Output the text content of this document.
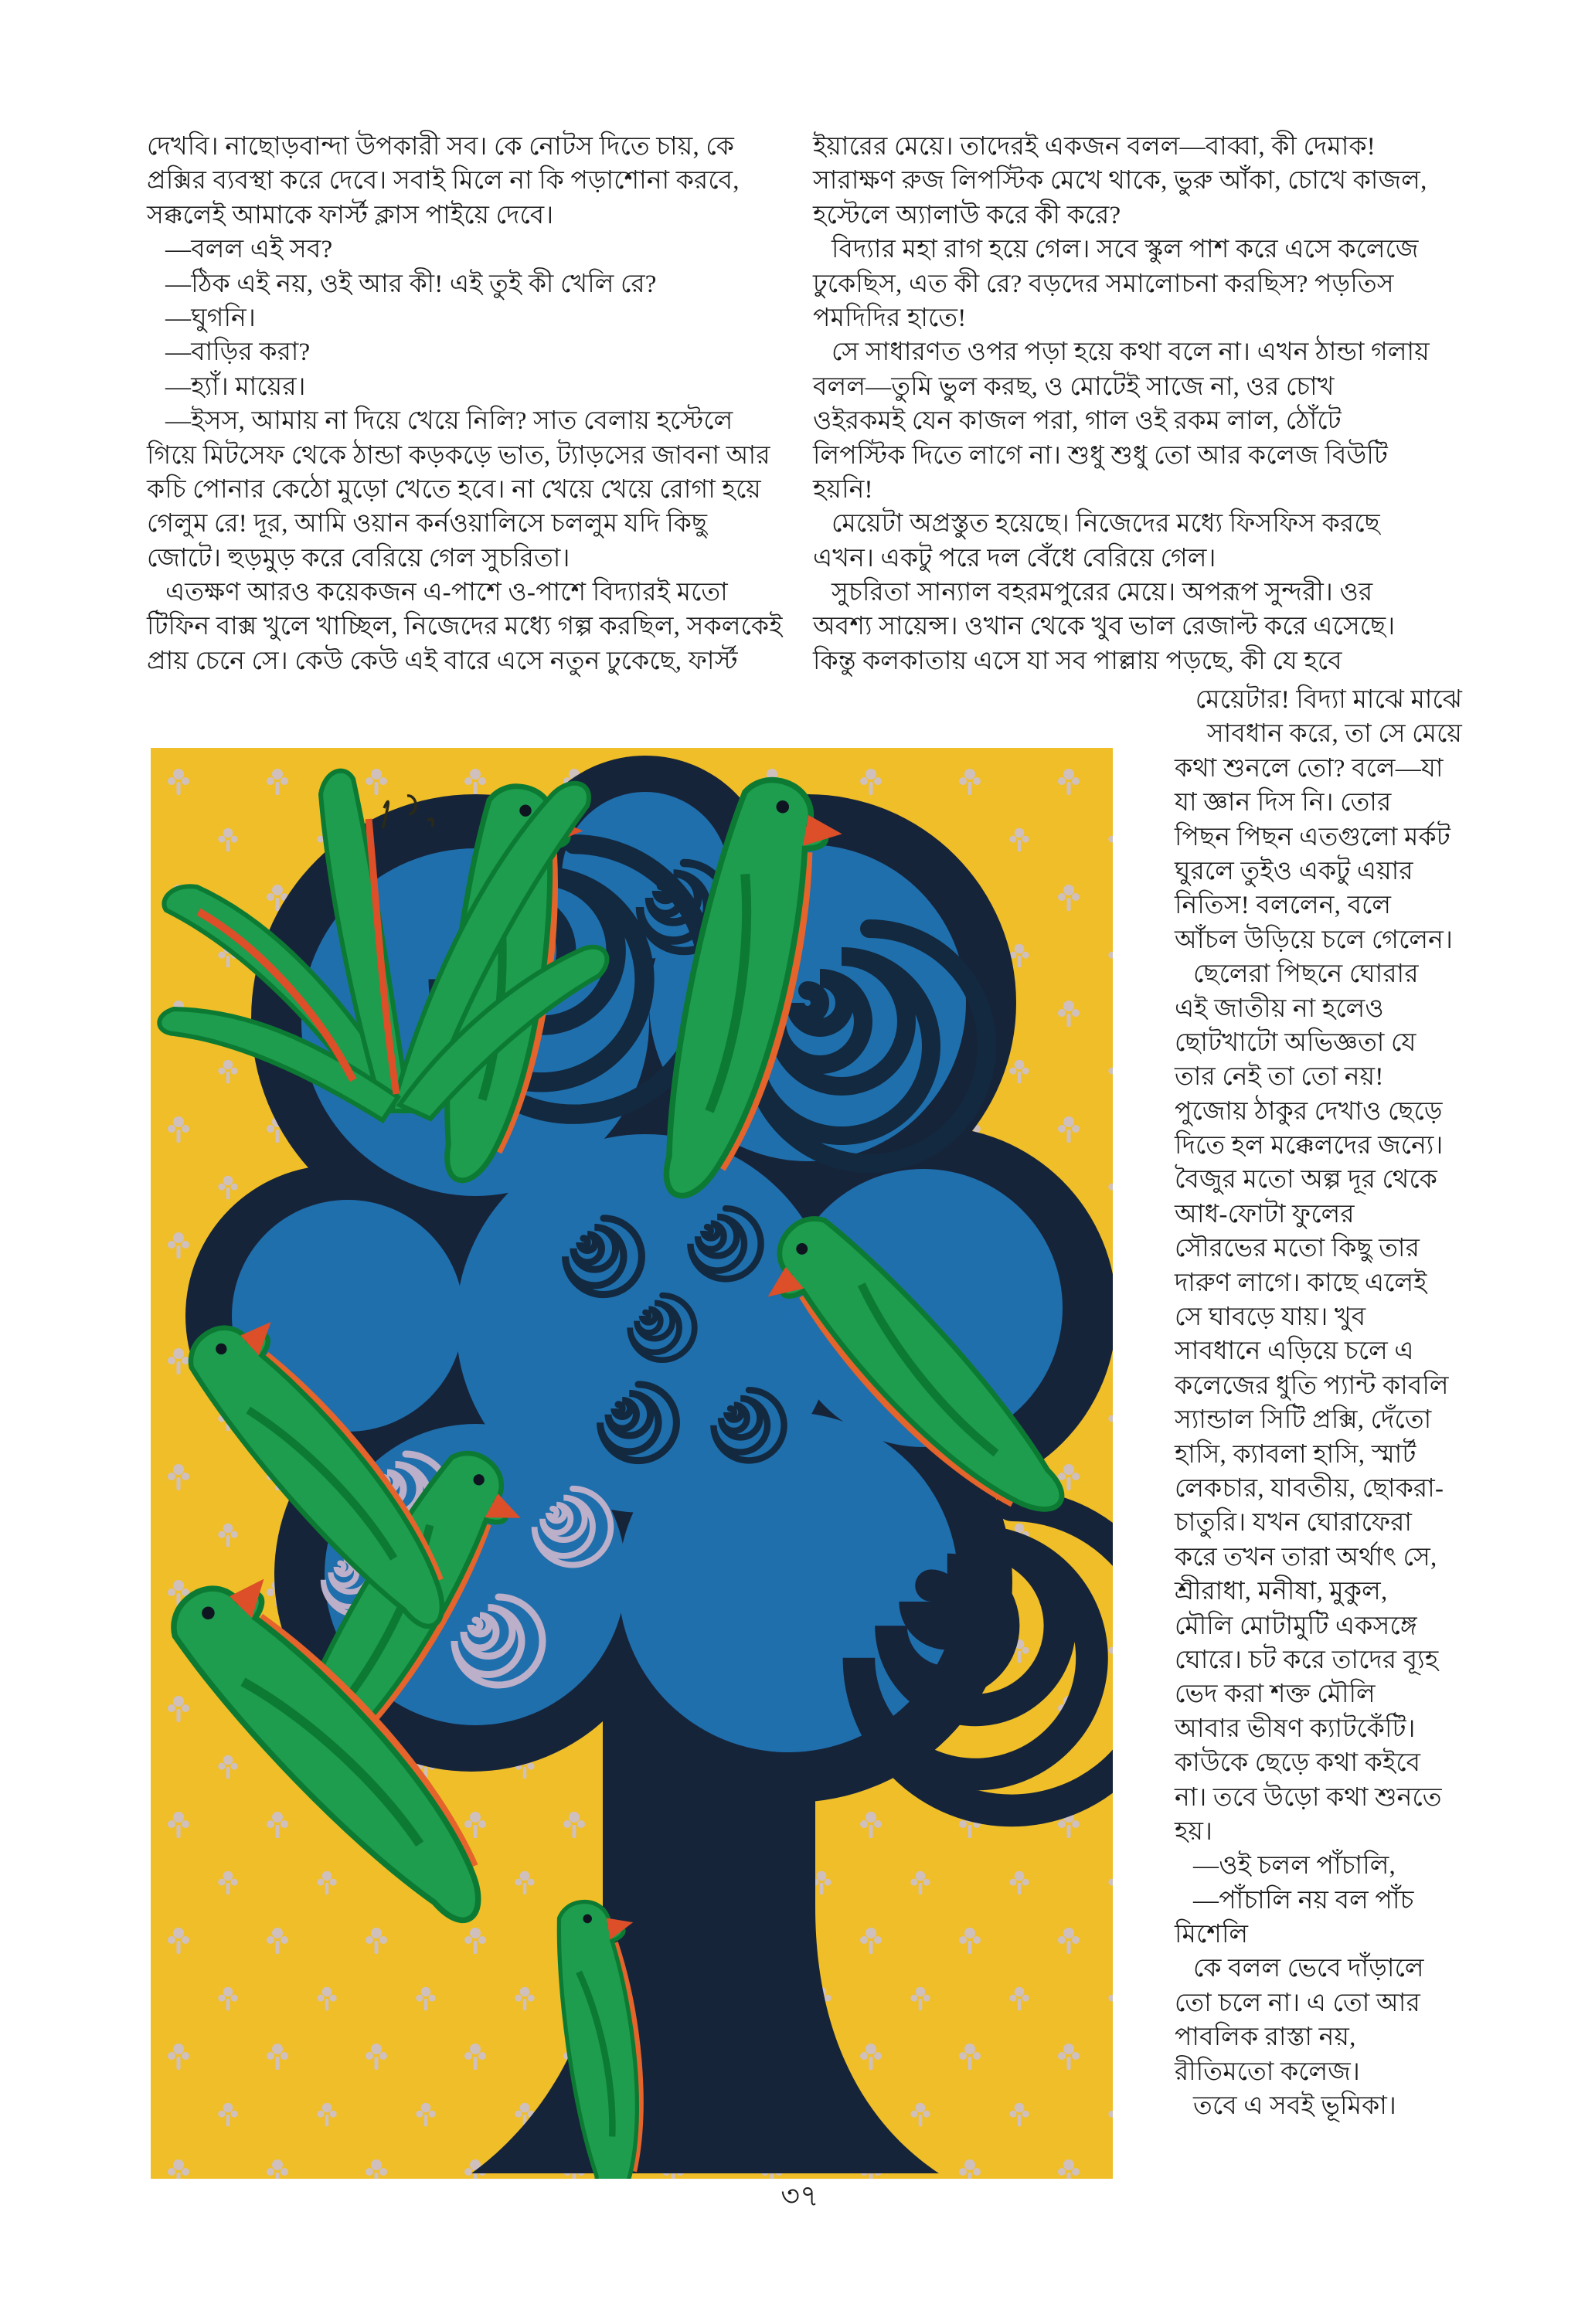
দেখবি। নাছোড়বান্দা উপকারী সব। কে নোটস দিতে চায়, কে
প্রক্সির ব্যবস্থা করে দেবে। সবাই মিলে না কি পড়াশোনা করবে,
সক্কলেই আমাকে ফার্স্ট ক্লাস পাইয়ে দেবে।
—বলল এই সব?
—ঠিক এই নয়, ওই আর কী! এই তুই কী খেলি রে?
—ঘুগনি।
—বাড়ির করা?
—হ্যাঁ। মায়ের।
—ইসস, আমায় না দিয়ে খেয়ে নিলি? সাত বেলায় হস্টেলে
গিয়ে মিটসেফ থেকে ঠান্ডা কড়কড়ে ভাত, ট্যাড়সের জাবনা আর
কচি পোনার কেঠো মুড়ো খেতে হবে। না খেয়ে খেয়ে রোগা হয়ে
গেলুম রে! দূর, আমি ওয়ান কর্নওয়ালিসে চললুম যদি কিছু
জোটে। হুড়মুড় করে বেরিয়ে গেল সুচরিতা।
এতক্ষণ আরও কয়েকজন এ-পাশে ও-পাশে বিদ্যারই মতো
টিফিন বাক্স খুলে খাচ্ছিল, নিজেদের মধ্যে গল্প করছিল, সকলকেই
প্রায় চেনে সে। কেউ কেউ এই বারে এসে নতুন ঢুকেছে, ফার্স্ট
ইয়ারের মেয়ে। তাদেরই একজন বলল—বাব্বা, কী দেমাক!
সারাক্ষণ রুজ লিপস্টিক মেখে থাকে, ভুরু আঁকা, চোখে কাজল,
হস্টেলে অ্যালাউ করে কী করে?
বিদ্যার মহা রাগ হয়ে গেল। সবে স্কুল পাশ করে এসে কলেজে
ঢুকেছিস, এত কী রে? বড়দের সমালোচনা করছিস? পড়তিস
পমদিদির হাতে!
সে সাধারণত ওপর পড়া হয়ে কথা বলে না। এখন ঠান্ডা গলায়
বলল—তুমি ভুল করছ, ও মোটেই সাজে না, ওর চোখ
ওইরকমই যেন কাজল পরা, গাল ওই রকম লাল, ঠোঁটে
লিপস্টিক দিতে লাগে না। শুধু শুধু তো আর কলেজ বিউটি
হয়নি!
মেয়েটা অপ্রস্তুত হয়েছে। নিজেদের মধ্যে ফিসফিস করছে
এখন। একটু পরে দল বেঁধে বেরিয়ে গেল।
সুচরিতা সান্যাল বহরমপুরের মেয়ে। অপরূপ সুন্দরী। ওর
অবশ্য সায়েন্স। ওখান থেকে খুব ভাল রেজাল্ট করে এসেছে।
কিন্তু কলকাতায় এসে যা সব পাল্লায় পড়ছে, কী যে হবে
মেয়েটার! বিদ্যা মাঝে মাঝে
সাবধান করে, তা সে মেয়ে
কথা শুনলে তো? বলে—যা
যা জ্ঞান দিস নি। তোর
পিছন পিছন এতগুলো মর্কট
ঘুরলে তুইও একটু এয়ার
নিতিস! বললেন, বলে
আঁচল উড়িয়ে চলে গেলেন।
ছেলেরা পিছনে ঘোরার
এই জাতীয় না হলেও
ছোটখাটো অভিজ্ঞতা যে
তার নেই তা তো নয়!
পুজোয় ঠাকুর দেখাও ছেড়ে
দিতে হল মক্কেলদের জন্যে।
বৈজুর মতো অল্প দূর থেকে
আধ-ফোটা ফুলের
সৌরভের মতো কিছু তার
দারুণ লাগে। কাছে এলেই
সে ঘাবড়ে যায়। খুব
সাবধানে এড়িয়ে চলে এ
কলেজের ধুতি প্যান্ট কাবলি
স্যান্ডাল সিটি প্রক্সি, দেঁতো
হাসি, ক্যাবলা হাসি, স্মার্ট
লেকচার, যাবতীয়, ছোকরা-
চাতুরি। যখন ঘোরাফেরা
করে তখন তারা অর্থাৎ সে,
শ্রীরাধা, মনীষা, মুকুল,
মৌলি মোটামুটি একসঙ্গে
ঘোরে। চট করে তাদের ব্যূহ
ভেদ করা শক্ত মৌলি
আবার ভীষণ ক্যাটকেঁটি।
কাউকে ছেড়ে কথা কইবে
না। তবে উড়ো কথা শুনতে
হয়।
—ওই চলল পাঁচালি,
—পাঁচালি নয় বল পাঁচ
মিশেলি
কে বলল ভেবে দাঁড়ালে
তো চলে না। এ তো আর
পাবলিক রাস্তা নয়,
রীতিমতো কলেজ।
তবে এ সবই ভূমিকা।
৩৭
